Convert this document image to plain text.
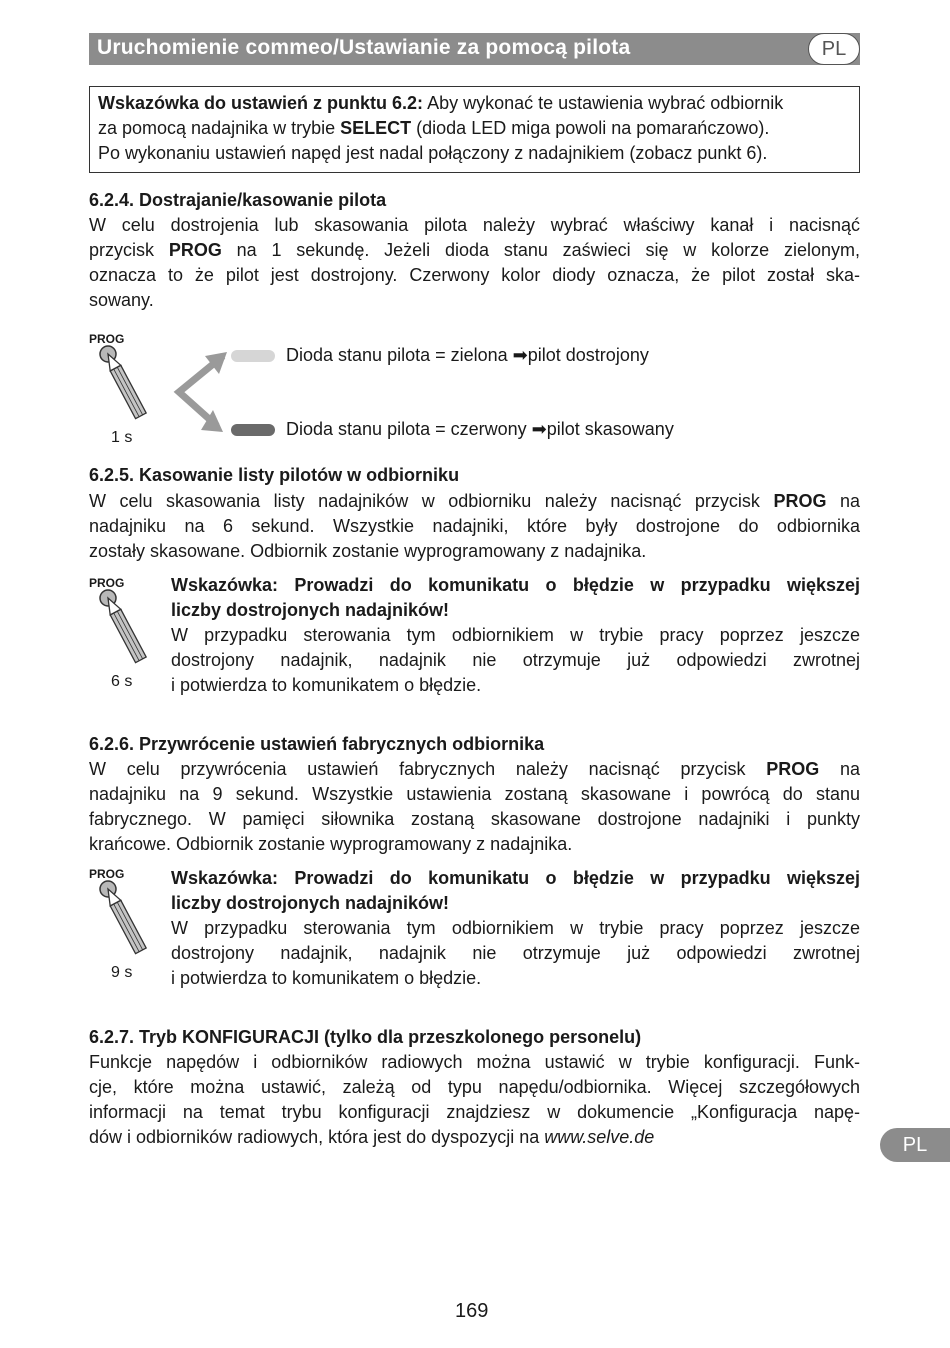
Uruchomienie commeo/Ustawianie za pomocą pilota	PL

Wskazówka do ustawień z punktu 6.2: Aby wykonać te ustawienia wybrać odbiornik

za pomocą nadajnika w trybie SELECT (dioda LED miga powoli na pomarańczowo).

Po wykonaniu ustawień napęd jest nadal połączony z nadajnikiem (zobacz punkt 6).

6.2.4. Dostrajanie/kasowanie pilota

W celu dostrojenia lub skasowania pilota należy wybrać właściwy kanał i nacisnąć

przycisk PROG na 1 sekundę. Jeżeli dioda stanu zaświeci się w kolorze zielonym,

oznacza to że pilot jest dostrojony. Czerwony kolor diody oznacza, że pilot został ska-

sowany.

PROG
1 s
Dioda stanu pilota = zielona ➡pilot dostrojony
Dioda stanu pilota = czerwony ➡pilot skasowany
6.2.5. Kasowanie listy pilotów w odbiorniku

W celu skasowania listy nadajników w odbiorniku należy nacisnąć przycisk PROG na

nadajniku na 6 sekund. Wszystkie nadajniki, które były dostrojone do odbiornika

zostały skasowane. Odbiornik zostanie wyprogramowany z nadajnika.

PROG
6 s

Wskazówka: Prowadzi do komunikatu o błędzie w przypadku większej

liczby dostrojonych nadajników!

W przypadku sterowania tym odbiornikiem w trybie pracy poprzez jeszcze

dostrojony nadajnik, nadajnik nie otrzymuje już odpowiedzi zwrotnej

i potwierdza to komunikatem o błędzie.

6.2.6. Przywrócenie ustawień fabrycznych odbiornika

W celu przywrócenia ustawień fabrycznych należy nacisnąć przycisk PROG na

nadajniku na 9 sekund. Wszystkie ustawienia zostaną skasowane i powrócą do stanu

fabrycznego. W pamięci siłownika zostaną skasowane dostrojone nadajniki i punkty

krańcowe. Odbiornik zostanie wyprogramowany z nadajnika.

PROG
9 s

Wskazówka: Prowadzi do komunikatu o błędzie w przypadku większej

liczby dostrojonych nadajników!

W przypadku sterowania tym odbiornikiem w trybie pracy poprzez jeszcze

dostrojony nadajnik, nadajnik nie otrzymuje już odpowiedzi zwrotnej

i potwierdza to komunikatem o błędzie.

6.2.7. Tryb KONFIGURACJI (tylko dla przeszkolonego personelu)

Funkcje napędów i odbiorników radiowych można ustawić w trybie konfiguracji. Funk-

cje, które można ustawić, zależą od typu napędu/odbiornika. Więcej szczegółowych

informacji na temat trybu konfiguracji znajdziesz w dokumencie „Konfiguracja napę-

dów i odbiorników radiowych, która jest do dyspozycji na www.selve.de	PL
169
